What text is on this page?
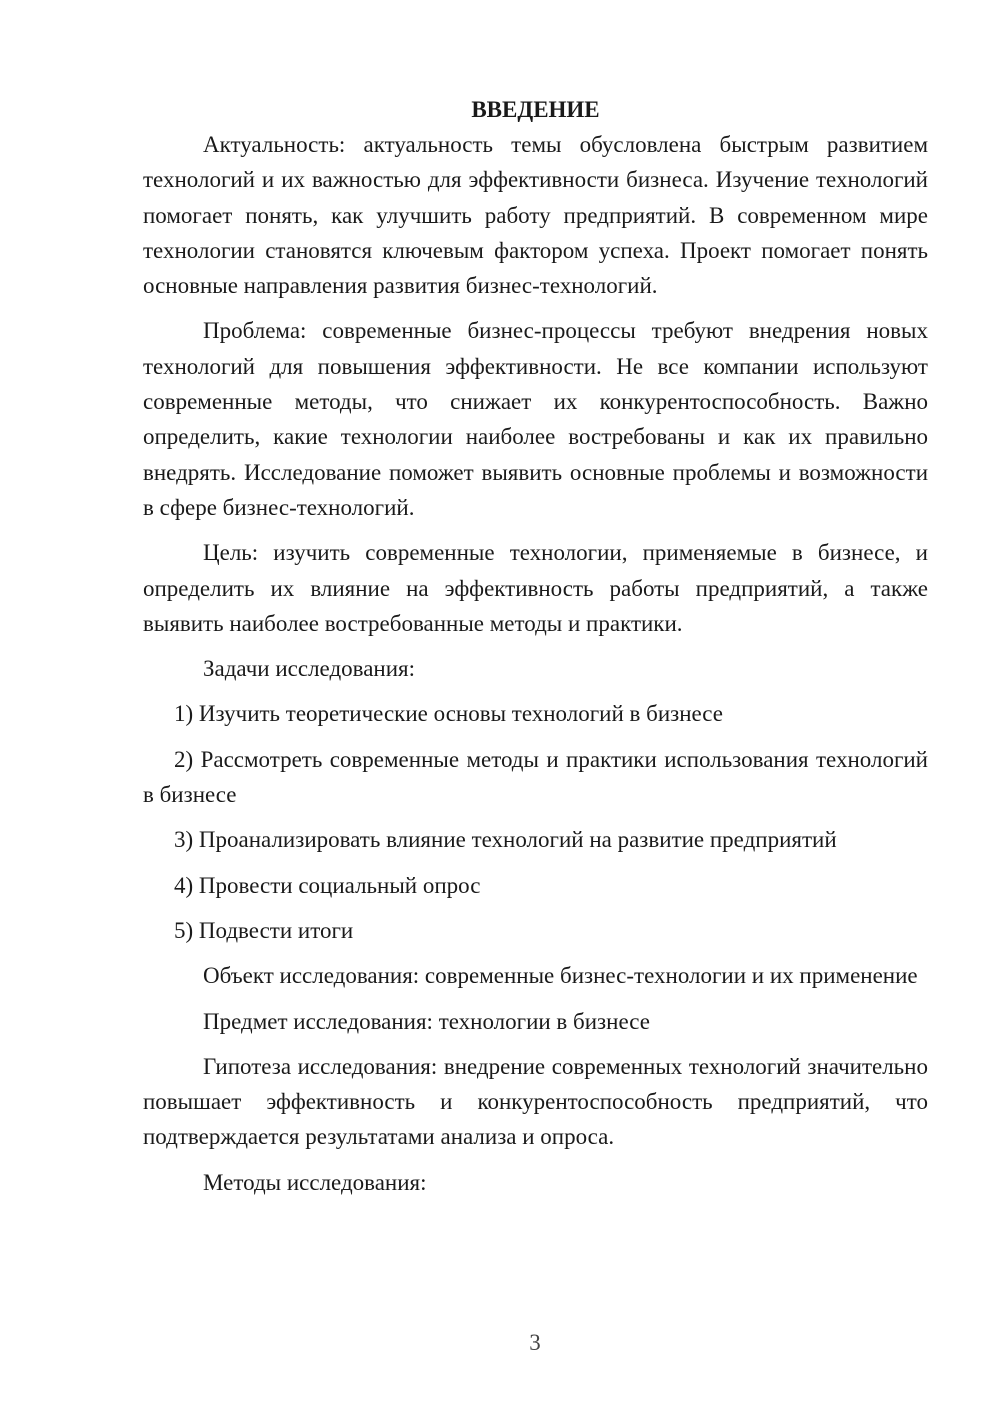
ВВЕДЕНИЕ

Актуальность: актуальность темы обусловлена быстрым развитием технологий и их важностью для эффективности бизнеса. Изучение технологий помогает понять, как улучшить работу предприятий. В современном мире технологии становятся ключевым фактором успеха. Проект помогает понять основные направления развития бизнес-технологий.

Проблема: современные бизнес-процессы требуют внедрения новых технологий для повышения эффективности. Не все компании используют современные методы, что снижает их конкурентоспособность. Важно определить, какие технологии наиболее востребованы и как их правильно внедрять. Исследование поможет выявить основные проблемы и возможности в сфере бизнес-технологий.

Цель: изучить современные технологии, применяемые в бизнесе, и определить их влияние на эффективность работы предприятий, а также выявить наиболее востребованные методы и практики.

Задачи исследования:

1) Изучить теоретические основы технологий в бизнесе

2) Рассмотреть современные методы и практики использования технологий в бизнесе

3) Проанализировать влияние технологий на развитие предприятий

4) Провести социальный опрос

5) Подвести итоги

Объект исследования: современные бизнес-технологии и их применение

Предмет исследования: технологии в бизнесе

Гипотеза исследования: внедрение современных технологий значительно повышает эффективность и конкурентоспособность предприятий, что подтверждается результатами анализа и опроса.

Методы исследования:

3
